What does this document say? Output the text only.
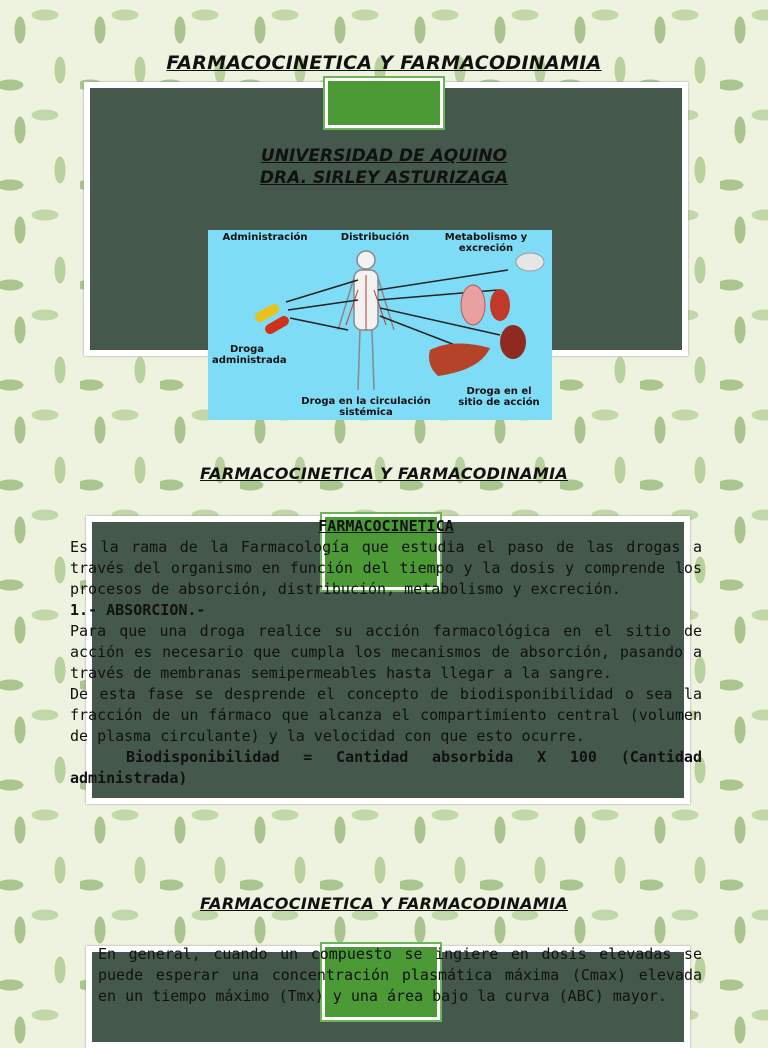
FARMACOCINETICA Y FARMACODINAMIA
UNIVERSIDAD DE AQUINO
DRA. SIRLEY ASTURIZAGA
Administración	Distribución	Metabolismo y excreción
Droga administrada
Droga en la circulación sistémica
Droga en el sitio de acción
FARMACOCINETICA Y FARMACODINAMIA
FARMACOCINETICA
Es la rama de la Farmacología que estudia el paso de las drogas a través del organismo en función del tiempo y la dosis y comprende los procesos de absorción, distribución, metabolismo y excreción.
1.- ABSORCION.-
Para que una droga realice su acción farmacológica en el sitio de acción es necesario que cumpla los mecanismos de absorción, pasando a través de membranas semipermeables hasta llegar a la sangre.
De esta fase se desprende el concepto de biodisponibilidad o sea la fracción de un fármaco que alcanza el compartimiento central (volumen de plasma circulante) y la velocidad con que esto ocurre.
Biodisponibilidad = Cantidad absorbida X 100 (Cantidad administrada)
FARMACOCINETICA Y FARMACODINAMIA
En general, cuando un compuesto se ingiere en dosis elevadas se puede esperar una concentración plasmática máxima (Cmax) elevada en un tiempo máximo (Tmx) y una área bajo la curva (ABC) mayor.
